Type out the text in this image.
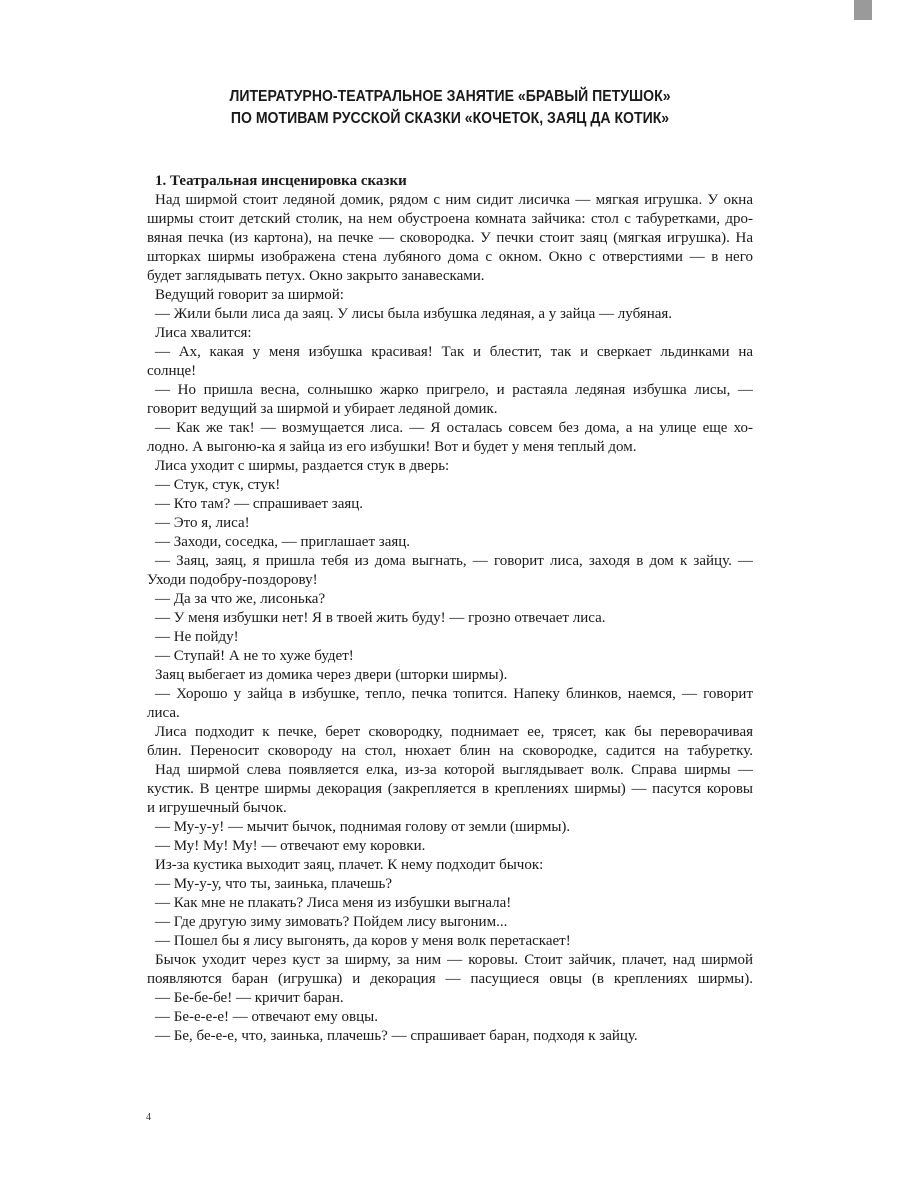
ЛИТЕРАТУРНО-ТЕАТРАЛЬНОЕ ЗАНЯТИЕ «БРАВЫЙ ПЕТУШОК»
ПО МОТИВАМ РУССКОЙ СКАЗКИ «КОЧЕТОК, ЗАЯЦ ДА КОТИК»
1. Театральная инсценировка сказки
Над ширмой стоит ледяной домик, рядом с ним сидит лисичка — мягкая игрушка. У окна
ширмы стоит детский столик, на нем обустроена комната зайчика: стол с табуретками, дро-
вяная печка (из картона), на печке — сковородка. У печки стоит заяц (мягкая игрушка). На
шторках ширмы изображена стена лубяного дома с окном. Окно с отверстиями — в него
будет заглядывать петух. Окно закрыто занавесками.
Ведущий говорит за ширмой:
— Жили были лиса да заяц. У лисы была избушка ледяная, а у зайца — лубяная.
Лиса хвалится:
— Ах, какая у меня избушка красивая! Так и блестит, так и сверкает льдинками на
солнце!
— Но пришла весна, солнышко жарко пригрело, и растаяла ледяная избушка лисы, —
говорит ведущий за ширмой и убирает ледяной домик.
— Как же так! — возмущается лиса. — Я осталась совсем без дома, а на улице еще хо-
лодно. А выгоню-ка я зайца из его избушки! Вот и будет у меня теплый дом.
Лиса уходит с ширмы, раздается стук в дверь:
— Стук, стук, стук!
— Кто там? — спрашивает заяц.
— Это я, лиса!
— Заходи, соседка, — приглашает заяц.
— Заяц, заяц, я пришла тебя из дома выгнать, — говорит лиса, заходя в дом к зайцу. —
Уходи подобру-поздорову!
— Да за что же, лисонька?
— У меня избушки нет! Я в твоей жить буду! — грозно отвечает лиса.
— Не пойду!
— Ступай! А не то хуже будет!
Заяц выбегает из домика через двери (шторки ширмы).
— Хорошо у зайца в избушке, тепло, печка топится. Напеку блинков, наемся, — говорит
лиса.
Лиса подходит к печке, берет сковородку, поднимает ее, трясет, как бы переворачивая
блин. Переносит сковороду на стол, нюхает блин на сковородке, садится на табуретку.
Над ширмой слева появляется елка, из-за которой выглядывает волк. Справа ширмы —
кустик. В центре ширмы декорация (закрепляется в креплениях ширмы) — пасутся коровы
и игрушечный бычок.
— Му-у-у! — мычит бычок, поднимая голову от земли (ширмы).
— Му! Му! Му! — отвечают ему коровки.
Из-за кустика выходит заяц, плачет. К нему подходит бычок:
— Му-у-у, что ты, заинька, плачешь?
— Как мне не плакать? Лиса меня из избушки выгнала!
— Где другую зиму зимовать? Пойдем лису выгоним...
— Пошел бы я лису выгонять, да коров у меня волк перетаскает!
Бычок уходит через куст за ширму, за ним — коровы. Стоит зайчик, плачет, над ширмой
появляются баран (игрушка) и декорация — пасущиеся овцы (в креплениях ширмы).
— Бе-бе-бе! — кричит баран.
— Бе-е-е-е! — отвечают ему овцы.
— Бе, бе-е-е, что, заинька, плачешь? — спрашивает баран, подходя к зайцу.
4
